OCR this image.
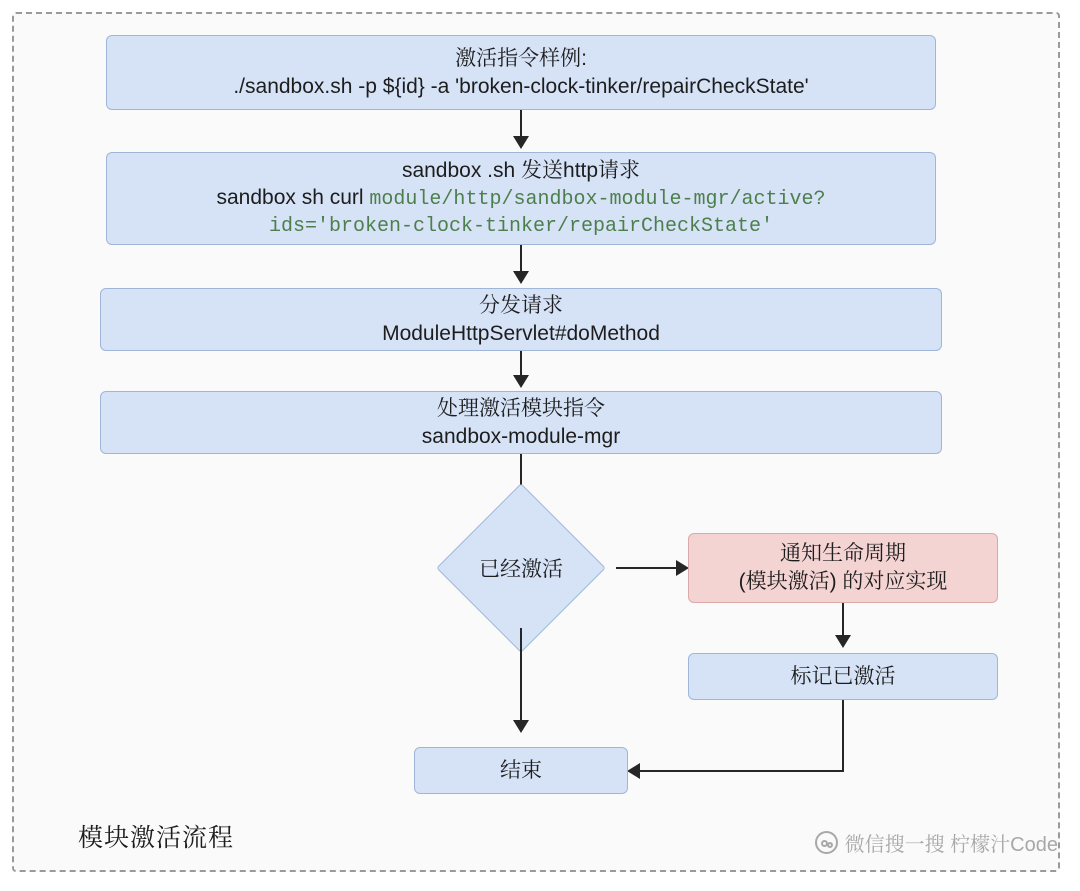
激活指令样例:
./sandbox.sh -p ${id} -a 'broken-clock-tinker/repairCheckState'
sandbox .sh 发送http请求
sandbox sh curl module/http/sandbox-module-mgr/active?
ids='broken-clock-tinker/repairCheckState'
分发请求
ModuleHttpServlet#doMethod
处理激活模块指令
sandbox-module-mgr
已经激活
通知生命周期
(模块激活) 的对应实现
标记已激活
结束
模块激活流程	微信搜一搜 柠檬汁Code
